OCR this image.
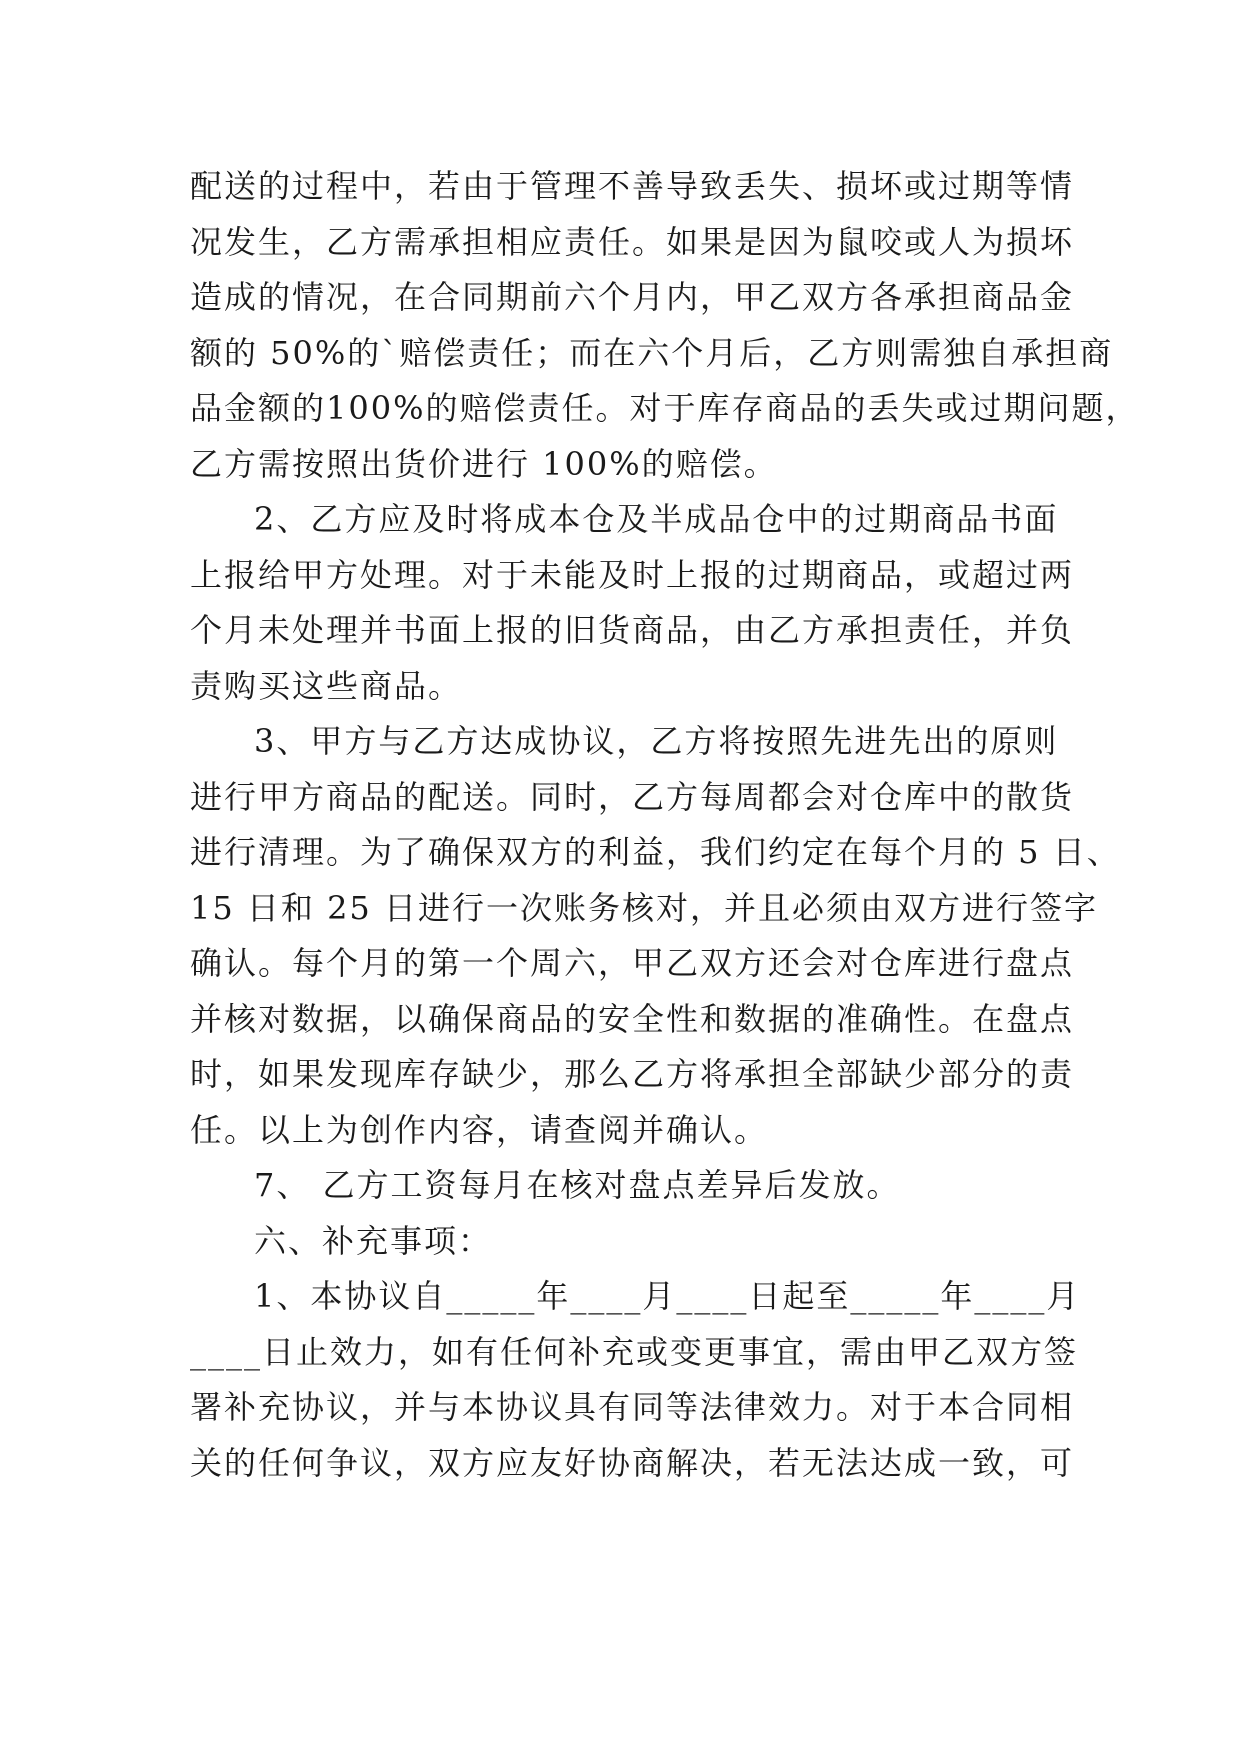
配送的过程中，若由于管理不善导致丢失、损坏或过期等情
况发生，乙方需承担相应责任。如果是因为鼠咬或人为损坏
造成的情况，在合同期前六个月内，甲乙双方各承担商品金
额的 50%的`赔偿责任；而在六个月后，乙方则需独自承担商
品金额的100%的赔偿责任。对于库存商品的丢失或过期问题，
乙方需按照出货价进行 100%的赔偿。
2、乙方应及时将成本仓及半成品仓中的过期商品书面
上报给甲方处理。对于未能及时上报的过期商品，或超过两
个月未处理并书面上报的旧货商品，由乙方承担责任，并负
责购买这些商品。
3、甲方与乙方达成协议，乙方将按照先进先出的原则
进行甲方商品的配送。同时，乙方每周都会对仓库中的散货
进行清理。为了确保双方的利益，我们约定在每个月的 5 日、
15 日和 25 日进行一次账务核对，并且必须由双方进行签字
确认。每个月的第一个周六，甲乙双方还会对仓库进行盘点
并核对数据，以确保商品的安全性和数据的准确性。在盘点
时，如果发现库存缺少，那么乙方将承担全部缺少部分的责
任。以上为创作内容，请查阅并确认。
7、 乙方工资每月在核对盘点差异后发放。
六、补充事项：
1、本协议自_____年____月____日起至_____年____月
____日止效力，如有任何补充或变更事宜，需由甲乙双方签
署补充协议，并与本协议具有同等法律效力。对于本合同相
关的任何争议，双方应友好协商解决，若无法达成一致，可
